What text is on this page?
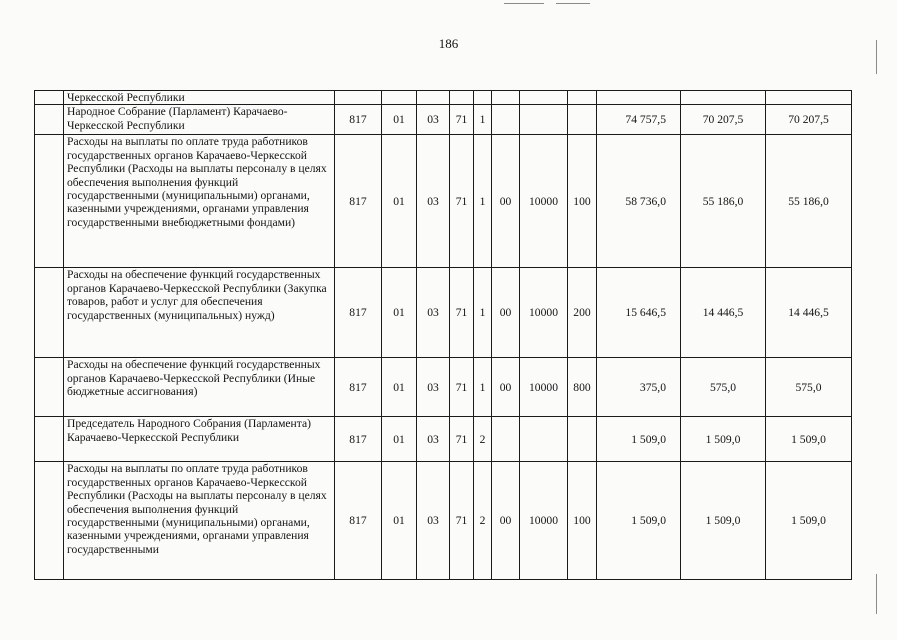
186
	Черкесской Республики											
	Народное Собрание (Парламент) Карачаево-Черкесской Республики	817	01	03	71	1				74 757,5	70 207,5	70 207,5
	Расходы на выплаты по оплате труда работников государственных органов Карачаево-Черкесской Республики (Расходы на выплаты персоналу в целях обеспечения выполнения функций государственными (муниципальными) органами, казенными учреждениями, органами управления государственными внебюджетными фондами)	817	01	03	71	1	00	10000	100	58 736,0	55 186,0	55 186,0
	Расходы на обеспечение функций государственных органов Карачаево-Черкесской Республики (Закупка товаров, работ и услуг для обеспечения государственных (муниципальных) нужд)	817	01	03	71	1	00	10000	200	15 646,5	14 446,5	14 446,5
	Расходы на обеспечение функций государственных органов Карачаево-Черкесской Республики (Иные бюджетные ассигнования)	817	01	03	71	1	00	10000	800	375,0	575,0	575,0
	Председатель Народного Собрания (Парламента) Карачаево-Черкесской Республики	817	01	03	71	2				1 509,0	1 509,0	1 509,0
	Расходы на выплаты по оплате труда работников государственных органов Карачаево-Черкесской Республики (Расходы на выплаты персоналу в целях обеспечения выполнения функций государственными (муниципальными) органами, казенными учреждениями, органами управления государственными	817	01	03	71	2	00	10000	100	1 509,0	1 509,0	1 509,0
